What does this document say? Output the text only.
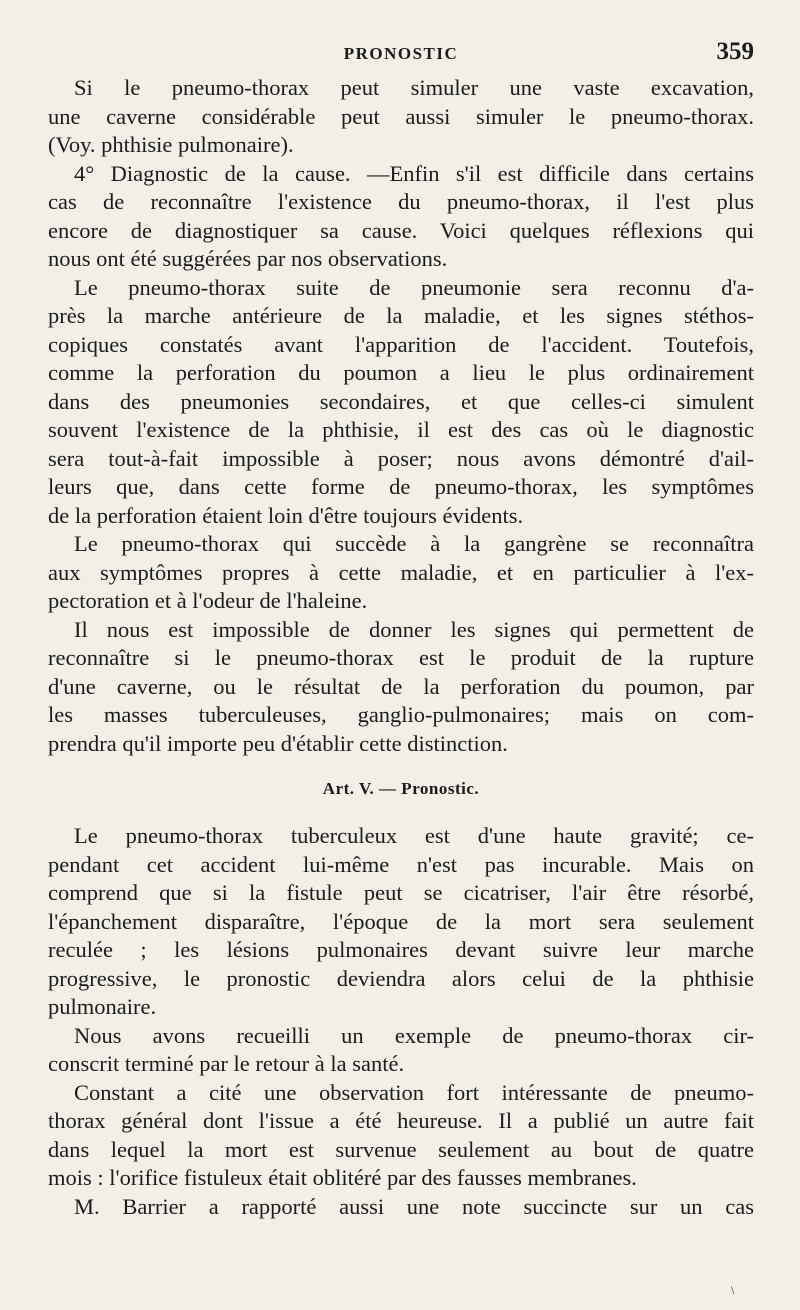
PRONOSTIC	359
Si le pneumo-thorax peut simuler une vaste excavation,
une caverne considérable peut aussi simuler le pneumo-thorax.
(Voy. phthisie pulmonaire).
4° Diagnostic de la cause. —Enfin s'il est difficile dans certains
cas de reconnaître l'existence du pneumo-thorax, il l'est plus
encore de diagnostiquer sa cause. Voici quelques réflexions qui
nous ont été suggérées par nos observations.
Le pneumo-thorax suite de pneumonie sera reconnu d'a-
près la marche antérieure de la maladie, et les signes stéthos-
copiques constatés avant l'apparition de l'accident. Toutefois,
comme la perforation du poumon a lieu le plus ordinairement
dans des pneumonies secondaires, et que celles-ci simulent
souvent l'existence de la phthisie, il est des cas où le diagnostic
sera tout-à-fait impossible à poser; nous avons démontré d'ail-
leurs que, dans cette forme de pneumo-thorax, les symptômes
de la perforation étaient loin d'être toujours évidents.
Le pneumo-thorax qui succède à la gangrène se reconnaîtra
aux symptômes propres à cette maladie, et en particulier à l'ex-
pectoration et à l'odeur de l'haleine.
Il nous est impossible de donner les signes qui permettent de
reconnaître si le pneumo-thorax est le produit de la rupture
d'une caverne, ou le résultat de la perforation du poumon, par
les masses tuberculeuses, ganglio-pulmonaires; mais on com-
prendra qu'il importe peu d'établir cette distinction.
Art. V. — Pronostic.
Le pneumo-thorax tuberculeux est d'une haute gravité; ce-
pendant cet accident lui-même n'est pas incurable. Mais on
comprend que si la fistule peut se cicatriser, l'air être résorbé,
l'épanchement disparaître, l'époque de la mort sera seulement
reculée ; les lésions pulmonaires devant suivre leur marche
progressive, le pronostic deviendra alors celui de la phthisie
pulmonaire.
Nous avons recueilli un exemple de pneumo-thorax cir-
conscrit terminé par le retour à la santé.
Constant a cité une observation fort intéressante de pneumo-
thorax général dont l'issue a été heureuse. Il a publié un autre fait
dans lequel la mort est survenue seulement au bout de quatre
mois : l'orifice fistuleux était oblitéré par des fausses membranes.
M. Barrier a rapporté aussi une note succincte sur un cas
\
